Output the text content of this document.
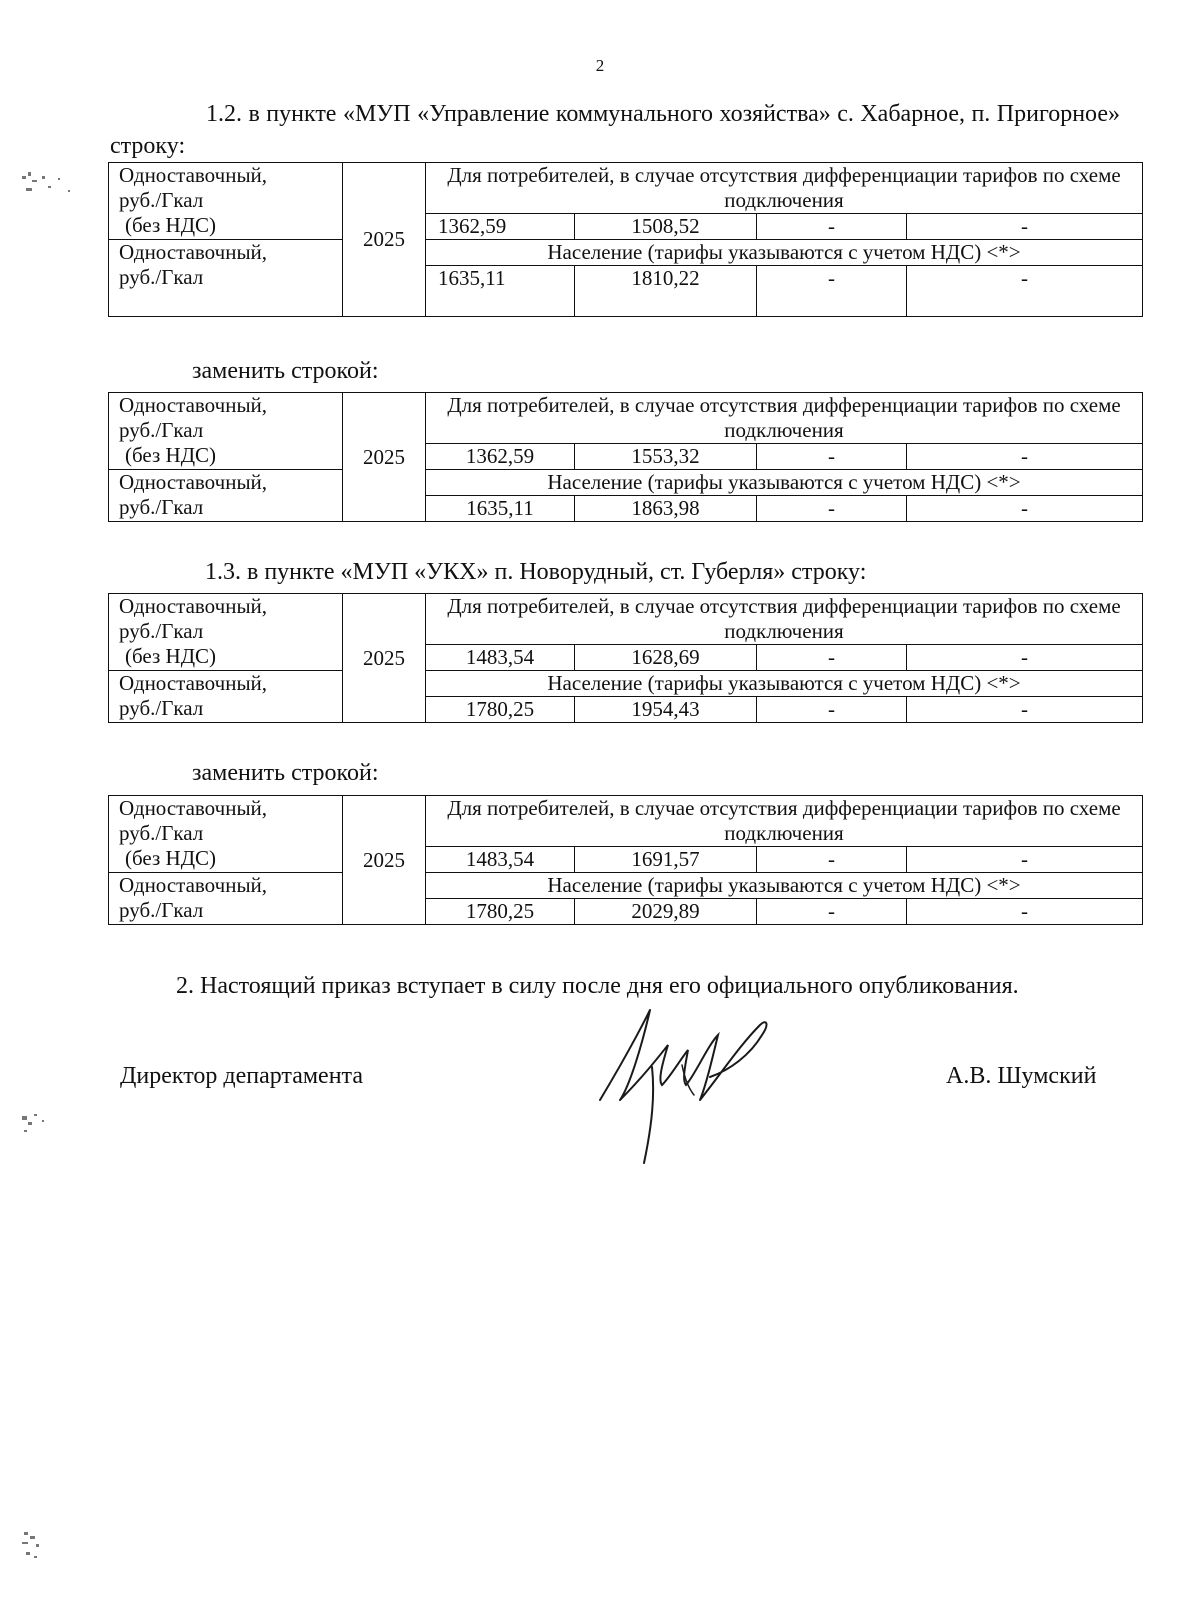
2
1.2. в пункте «МУП «Управление коммунального хозяйства» с. Хабарное, п. Пригорное» строку:
Одноставочный,
руб./Гкал
(без НДС)	2025	Для потребителей, в случае отсутствия дифференциации тарифов по схеме подключения			
		1362,59	1508,52	-	-

Одноставочный,
руб./Гкал		Население (тарифы указываются с учетом НДС) <*>			
		1635,11	1810,22	-	-
заменить строкой:
Одноставочный,
руб./Гкал
(без НДС)	2025	Для потребителей, в случае отсутствия дифференциации тарифов по схеме подключения			
		1362,59	1553,32	-	-

Одноставочный,
руб./Гкал		Население (тарифы указываются с учетом НДС) <*>			
		1635,11	1863,98	-	-
1.3. в пункте «МУП «УКХ» п. Новорудный, ст. Губерля» строку:
Одноставочный,
руб./Гкал
(без НДС)	2025	Для потребителей, в случае отсутствия дифференциации тарифов по схеме подключения			
		1483,54	1628,69	-	-

Одноставочный,
руб./Гкал		Население (тарифы указываются с учетом НДС) <*>			
		1780,25	1954,43	-	-
заменить строкой:
Одноставочный,
руб./Гкал
(без НДС)	2025	Для потребителей, в случае отсутствия дифференциации тарифов по схеме подключения			
		1483,54	1691,57	-	-

Одноставочный,
руб./Гкал		Население (тарифы указываются с учетом НДС) <*>			
		1780,25	2029,89	-	-
2. Настоящий приказ вступает в силу после дня его официального опубликования.
Директор департамента	А.В. Шумский
